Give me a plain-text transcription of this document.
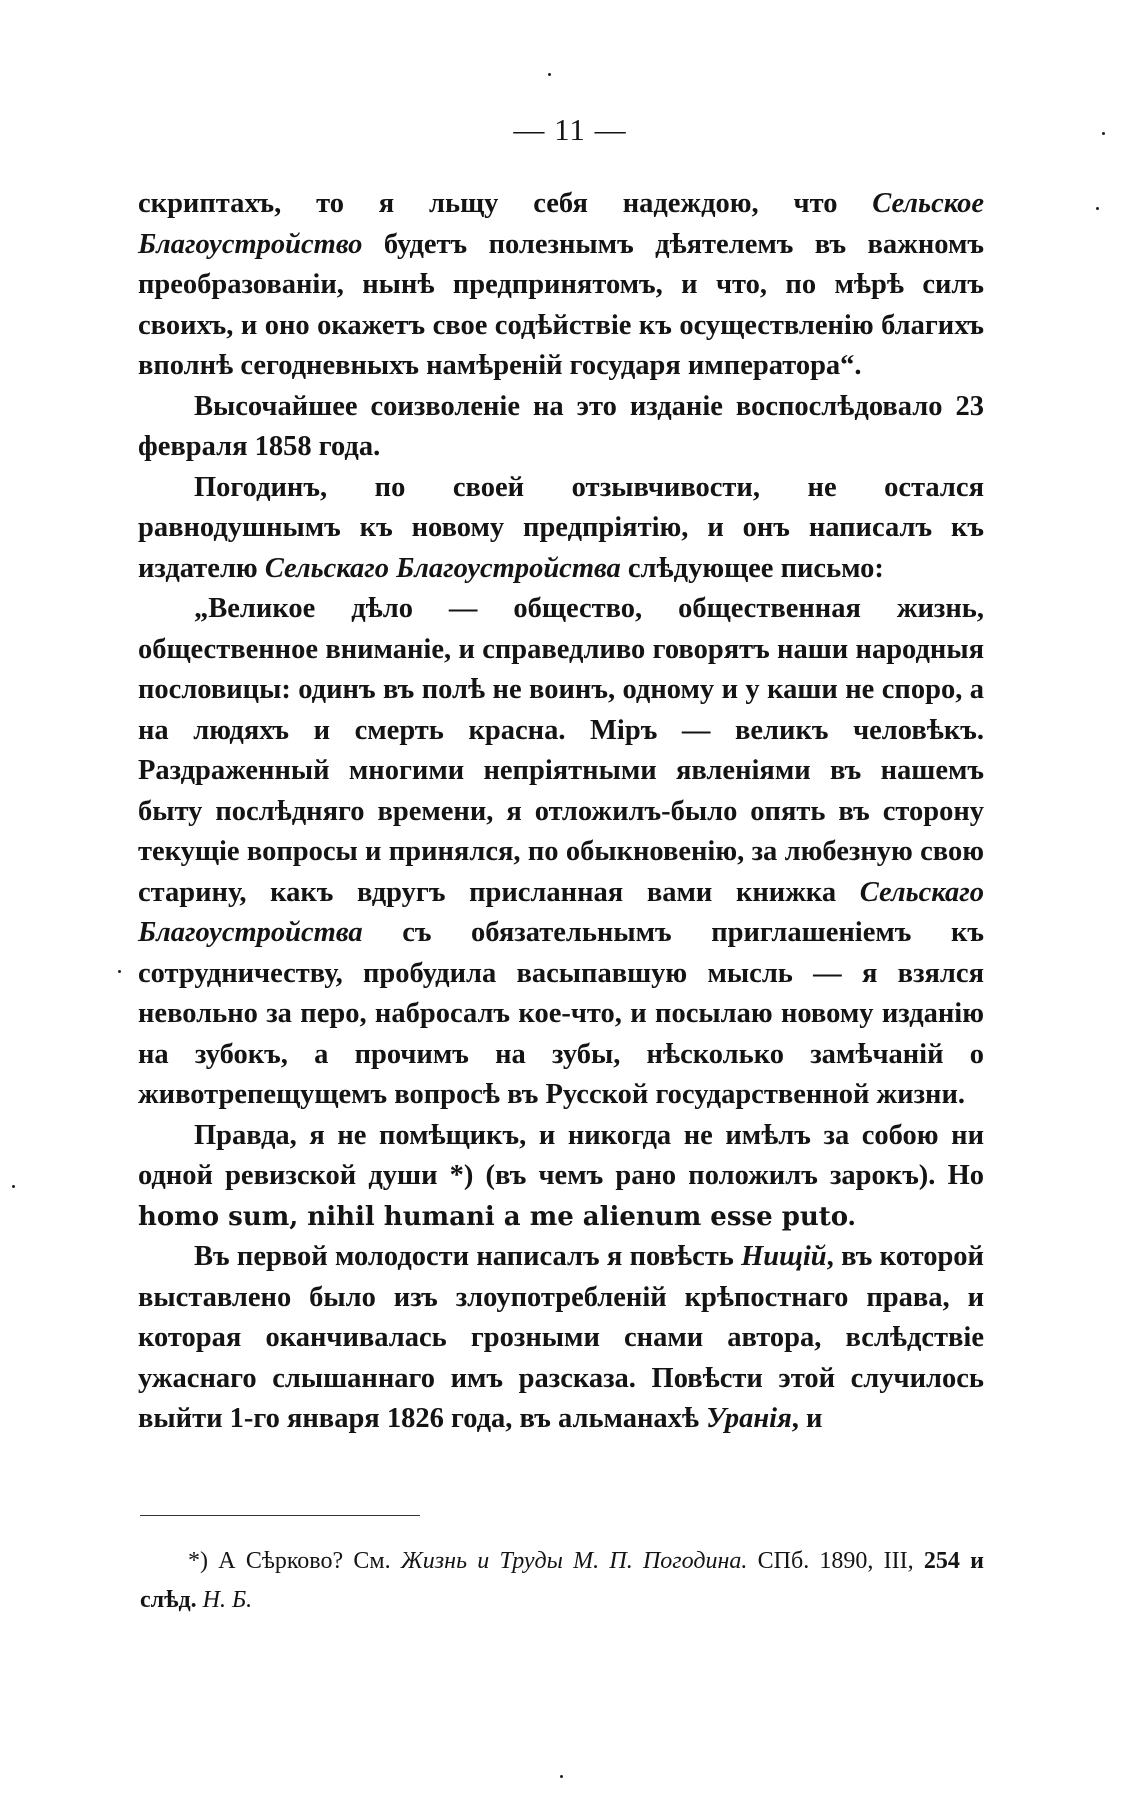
— 11 —

скриптахъ, то я льщу себя надеждою, что Сельское Благоустройство будетъ полезнымъ дѣятелемъ въ важномъ преобразованіи, нынѣ предпринятомъ, и что, по мѣрѣ силъ своихъ, и оно окажетъ свое содѣйствіе къ осуществленію благихъ вполнѣ сегодневныхъ намѣреній государя императора“.

Высочайшее соизволеніе на это изданіе воспослѣдовало 23 февраля 1858 года.

Погодинъ, по своей отзывчивости, не остался равнодушнымъ къ новому предпріятію, и онъ написалъ къ издателю Сельскаго Благоустройства слѣдующее письмо:

„Великое дѣло — общество, общественная жизнь, общественное вниманіе, и справедливо говорятъ наши народныя пословицы: одинъ въ полѣ не воинъ, одному и у каши не споро, а на людяхъ и смерть красна. Міръ — великъ человѣкъ. Раздраженный многими непріятными явленіями въ нашемъ быту послѣдняго времени, я отложилъ-было опять въ сторону текущіе вопросы и принялся, по обыкновенію, за любезную свою старину, какъ вдругъ присланная вами книжка Сельскаго Благоустройства съ обязательнымъ приглашеніемъ къ сотрудничеству, пробудила васыпавшую мысль — я взялся невольно за перо, набросалъ кое-что, и посылаю новому изданію на зубокъ, а прочимъ на зубы, нѣсколько замѣчаній о животрепещущемъ вопросѣ въ Русской государственной жизни.

Правда, я не помѣщикъ, и никогда не имѣлъ за собою ни одной ревизской души *) (въ чемъ рано положилъ зарокъ). Но homo sum, nihil humani a me alienum esse puto.

Въ первой молодости написалъ я повѣсть Нищій, въ которой выставлено было изъ злоупотребленій крѣпостнаго права, и которая оканчивалась грозными снами автора, вслѣдствіе ужаснаго слышаннаго имъ разсказа. Повѣсти этой случилось выйти 1-го января 1826 года, въ альманахѣ Уранія, и

*) А Сѣрково? См. Жизнь и Труды М. П. Погодина. СПб. 1890, III, 254 и слѣд. Н. Б.
